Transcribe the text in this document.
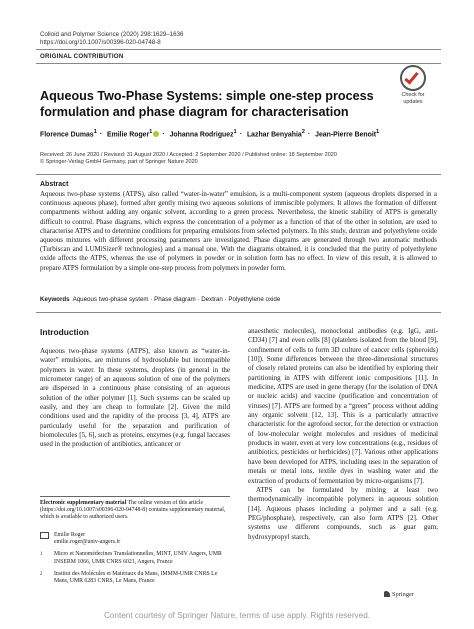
Colloid and Polymer Science (2020) 298:1629–1636
https://doi.org/10.1007/s00396-020-04748-8
ORIGINAL CONTRIBUTION
Check for
updates
Aqueous Two-Phase Systems: simple one-step process formulation and phase diagram for characterisation
Florence Dumas$^1$ · Emilie Roger$^1$ · Johanna Rodriguez$^1$ · Lazhar Benyahia$^2$ · Jean-Pierre Benoit$^1$
Received: 26 June 2020 / Revised: 31 August 2020 / Accepted: 2 September 2020 / Published online: 18 September 2020
© Springer-Verlag GmbH Germany, part of Springer Nature 2020
Abstract
Aqueous two-phase systems (ATPS), also called “water-in-water” emulsion, is a multi-component system (aqueous droplets dispersed in a continuous aqueous phase), formed after gently mixing two aqueous solutions of immiscible polymers. It allows the formation of different compartments without adding any organic solvent, according to a green process. Nevertheless, the kinetic stability of ATPS is generally difficult to control. Phase diagrams, which express the concentration of a polymer as a function of that of the other in solution, are used to characterise ATPS and to determine conditions for preparing emulsions from selected polymers. In this study, dextran and polyethylene oxide aqueous mixtures with different processing parameters are investigated. Phase diagrams are generated through two automatic methods (Turbiscan and LUMiSizer® technologies) and a manual one. With the diagrams obtained, it is concluded that the purity of polyethylene oxide affects the ATPS, whereas the use of polymers in powder or in solution form has no effect. In view of this result, it is allowed to prepare ATPS formulation by a simple one-step process from polymers in powder form.
Keywords Aqueous two-phase system · Phase diagram · Dextran · Polyethylene oxide
Introduction

Aqueous two-phase systems (ATPS), also known as “water-in-water” emulsions, are mixtures of hydrosoluble but incompatible polymers in water. In these systems, droplets (in general in the micrometer range) of an aqueous solution of one of the polymers are dispersed in a continuous phase consisting of an aqueous solution of the other polymer [1]. Such systems can be scaled up easily, and they are cheap to formulate [2]. Given the mild conditions used and the rapidity of the process [3, 4], ATPS are particularly useful for the separation and purification of biomolecules [5, 6], such as proteins, enzymes (e.g. fungal laccases used in the production of antibiotics, anticancer or

anaesthetic molecules), monoclonal antibodies (e.g. IgG, anti-CD34) [7] and even cells [8] (platelets isolated from the blood [9], confinement of cells to form 3D culture of cancer cells (spheroids) [10]). Some differences between the three-dimensional structures of closely related proteins can also be identified by exploring their partitioning in ATPS with different ionic compositions [11]. In medicine, ATPS are used in gene therapy (for the isolation of DNA or nucleic acids) and vaccine (purification and concentration of viruses) [7]. ATPS are formed by a “green” process without adding any organic solvent [12, 13]. This is a particularly attractive characteristic for the agrofood sector, for the detection or extraction of low-molecular weight molecules and residues of medicinal products in water, even at very low concentrations (e.g., residues of antibiotics, pesticides or herbicides) [7]. Various other applications have been developed for ATPS, including uses in the separation of metals or metal ions, textile dyes in washing water and the extraction of products of fermentation by micro-organisms [7].

ATPS can be formulated by mixing at least two thermodynamically incompatible polymers in aqueous solution [14]. Aqueous phases including a polymer and a salt (e.g. PEG/phosphate), respectively, can also form ATPS [2]. Other systems use different compounds, such as guar gum, hydroxypropyl starch,

Electronic supplementary material The online version of this article (https://doi.org/10.1007/s00396-020-04748-8) contains supplementary material, which is available to authorized users.
Emilie Roger
emilie.roger@univ-angers.fr
$^1$	Micro et Nanomédecines Translationnelles, MINT, UNIV Angers, UMR INSERM 1066, UMR CNRS 6021, Angers, France
$^2$	Institut des Molécules et Matériaux du Mans, IMMM-UMR CNRS Le Mans, UMR 6283 CNRS, Le Mans, France
Springer
Content courtesy of Springer Nature, terms of use apply. Rights reserved.
